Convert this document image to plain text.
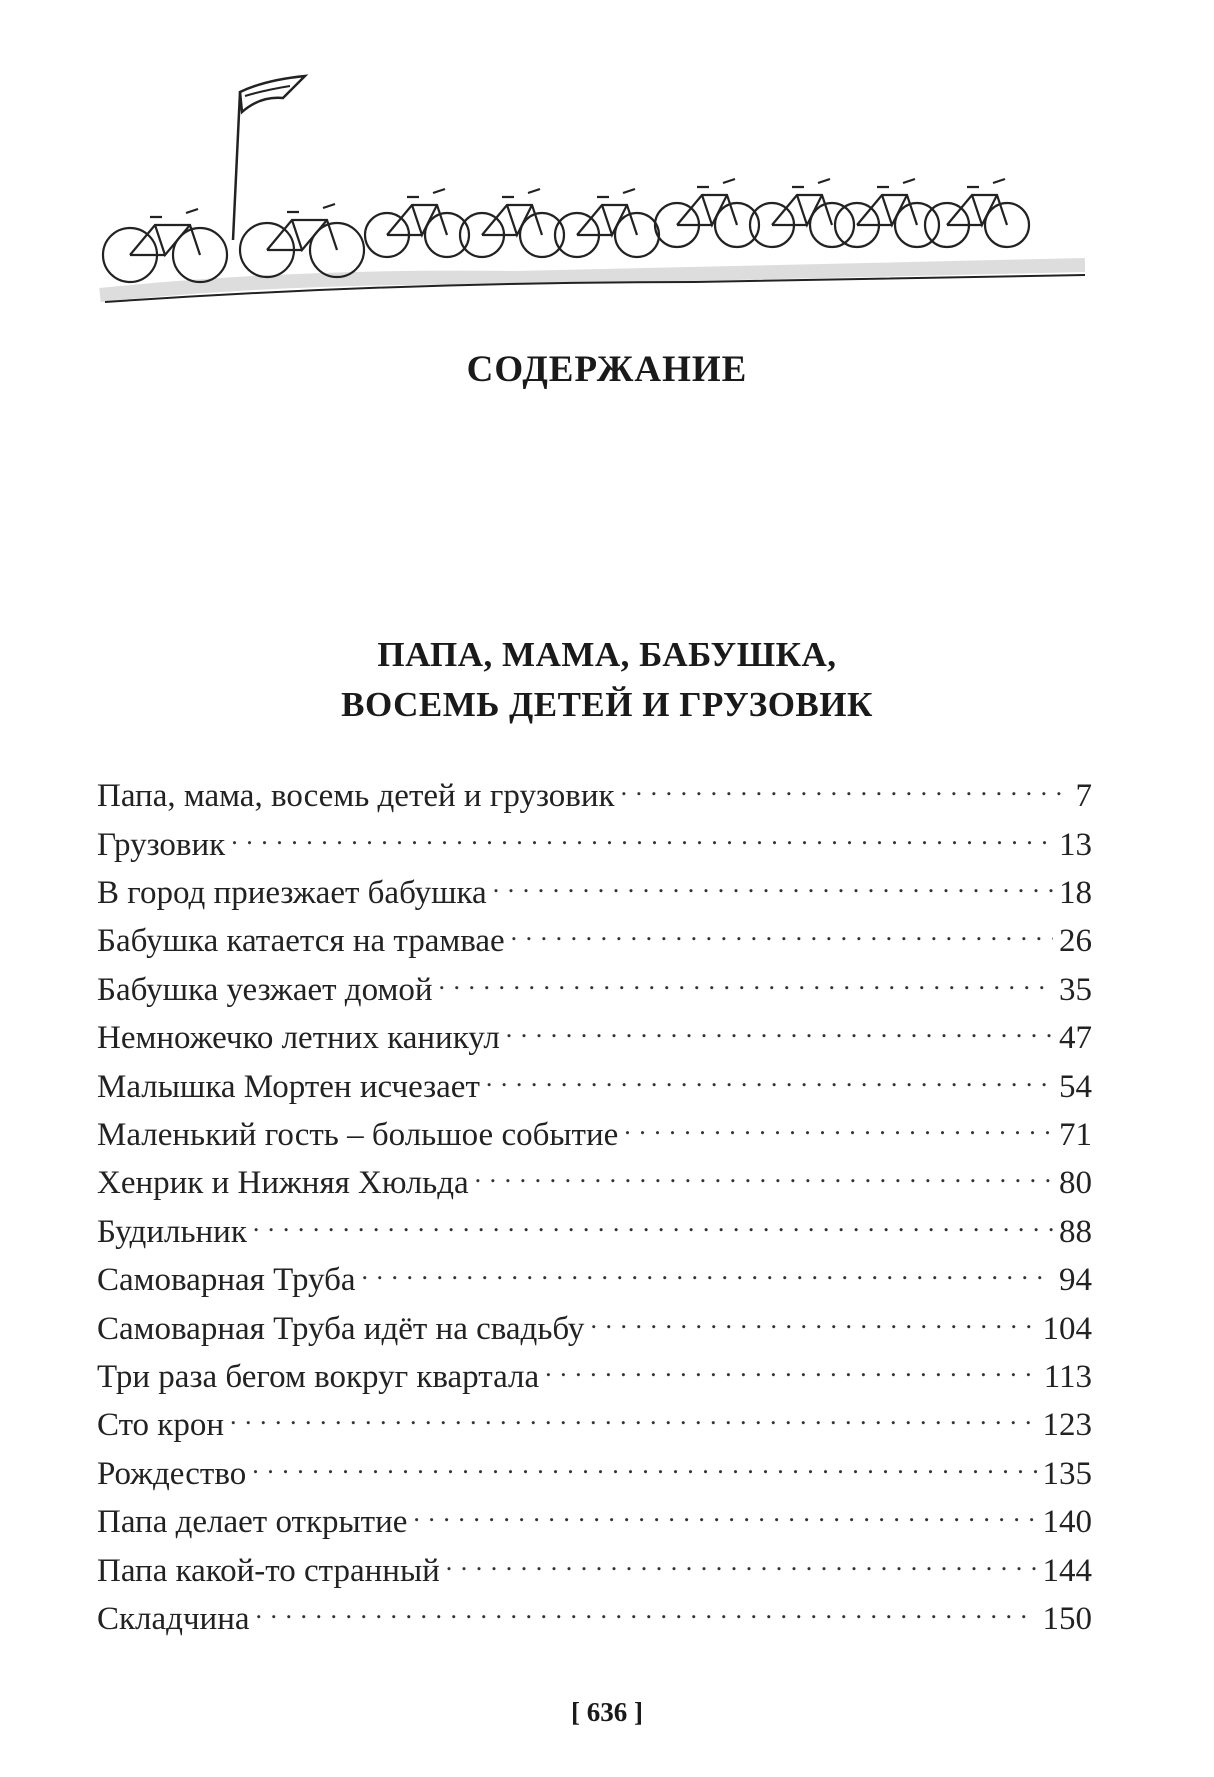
СОДЕРЖАНИЕ
ПАПА, МАМА, БАБУШКА,
ВОСЕМЬ ДЕТЕЙ И ГРУЗОВИК
Папа, мама, восемь детей и грузовик . . .	7
Грузовик . . .	13
В город приезжает бабушка . . .	18
Бабушка катается на трамвае . . .	26
Бабушка уезжает домой . . .	35
Немножечко летних каникул . . .	47
Малышка Мортен исчезает . . .	54
Маленький гость – большое событие . . .	71
Хенрик и Нижняя Хюльда . . .	80
Будильник . . .	88
Самоварная Труба . . .	94
Самоварная Труба идёт на свадьбу . . .	104
Три раза бегом вокруг квартала . . .	113
Сто крон . . .	123
Рождество . . .	135
Папа делает открытие . . .	140
Папа какой-то странный . . .	144
Складчина . . .	150
[ 636 ]
